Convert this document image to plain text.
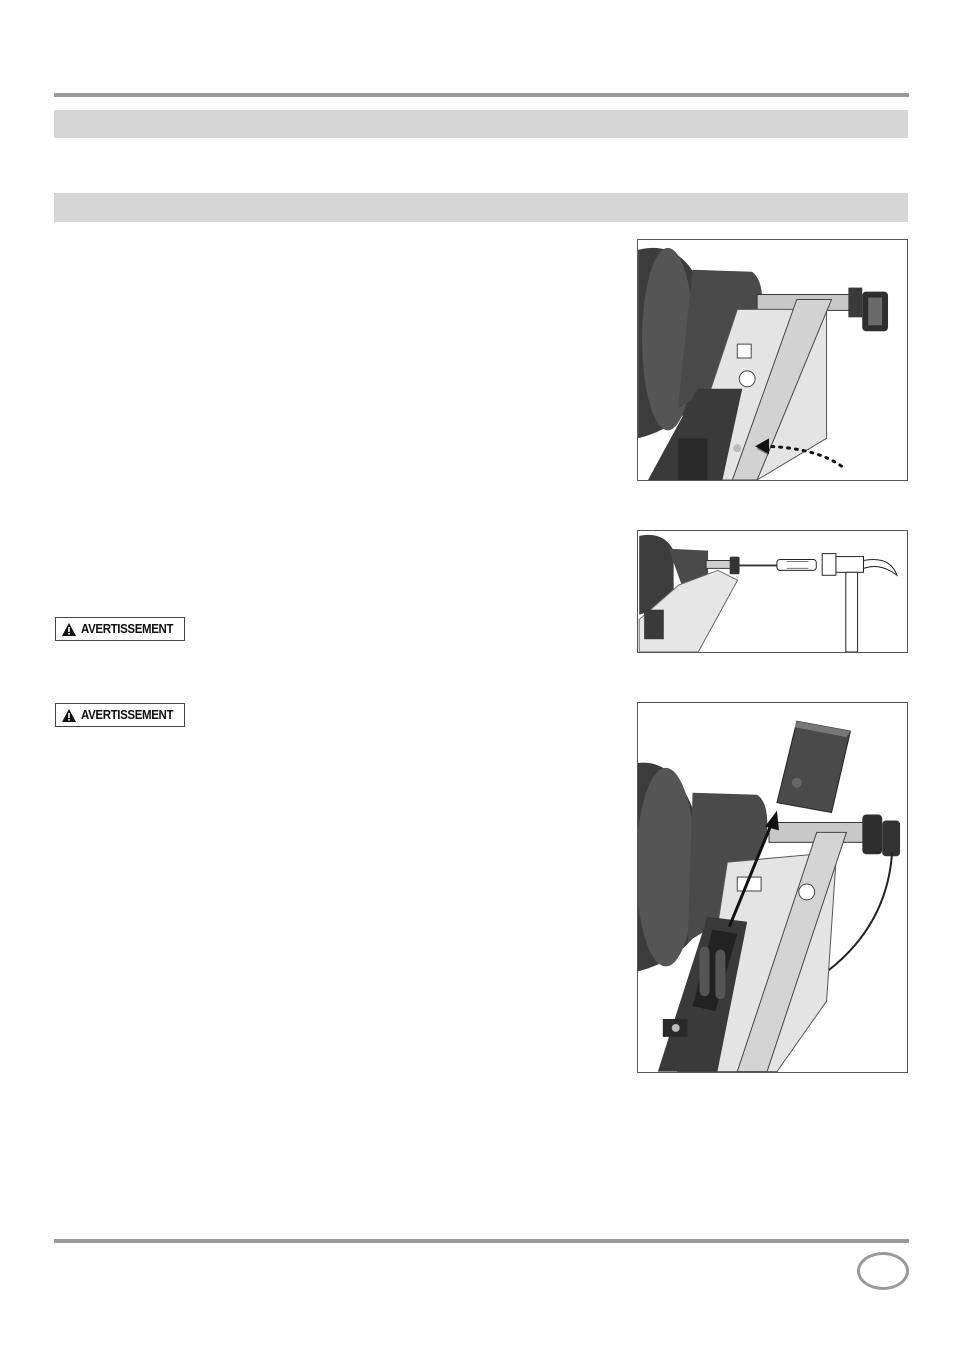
AVERTISSEMENT
AVERTISSEMENT
